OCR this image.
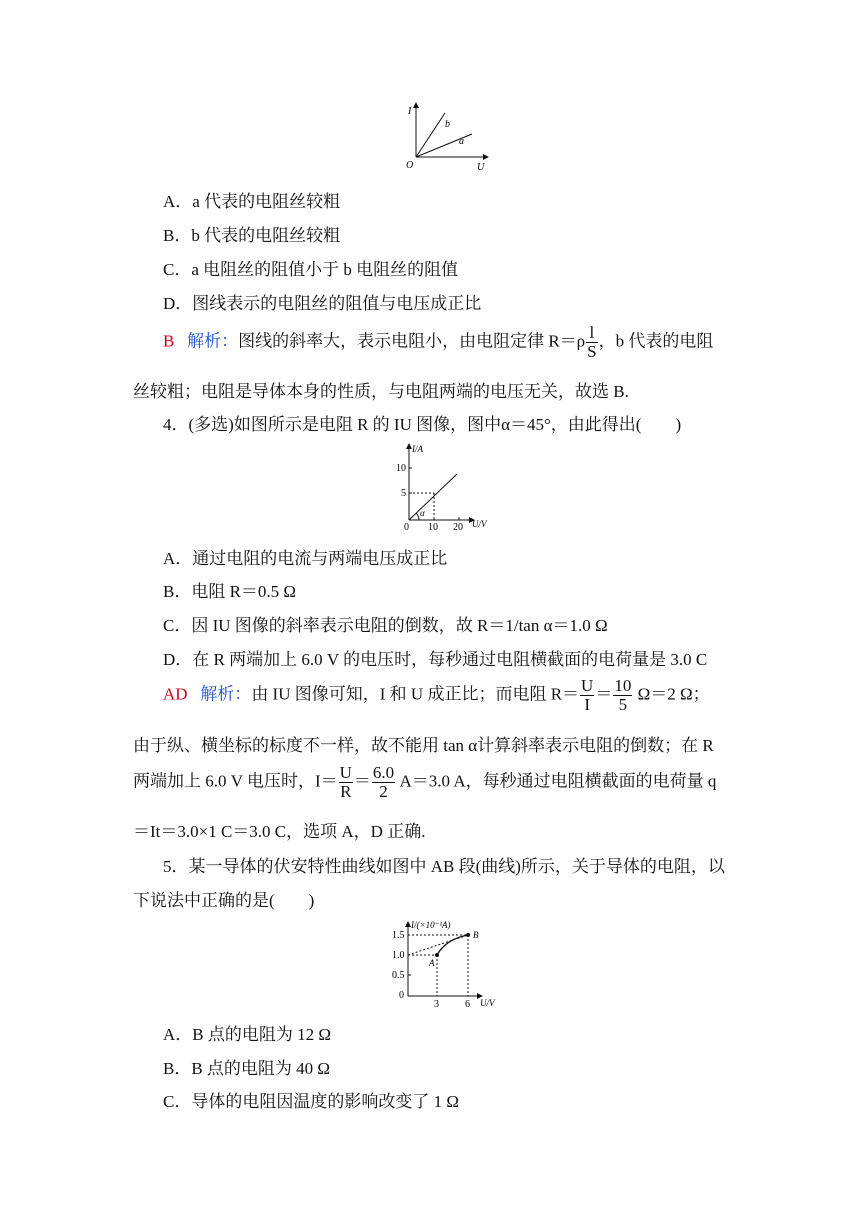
I
U
O
b
a
A．a 代表的电阻丝较粗
B．b 代表的电阻丝较粗
C．a 电阻丝的阻值小于 b 电阻丝的阻值
D．图线表示的电阻丝的阻值与电压成正比
B 解析：图线的斜率大，表示电阻小，由电阻定律 $R=\rho \frac{l}{S}$ ，b 代表的电阻
丝较粗；电阻是导体本身的性质，与电阻两端的电压无关，故选 B.
4．(多选)如图所示是电阻 R 的 IU 图像，图中α＝45°，由此得出(　　)
I/A
U/V
10
5
0 10 20
α
A．通过电阻的电流与两端电压成正比
B．电阻 R＝0.5 Ω
C．因 IU 图像的斜率表示电阻的倒数，故 R＝1/tan α＝1.0 Ω
D．在 R 两端加上 6.0 V 的电压时，每秒通过电阻横截面的电荷量是 3.0 C
AD 解析：由 IU 图像可知，I 和 U 成正比；而电阻 $R= \frac{U}{I} = \frac{10}{5} \Omega=2$ Ω；
由于纵、横坐标的标度不一样，故不能用 tan α计算斜率表示电阻的倒数；在 R
两端加上 6.0 V 电压时，$I= \frac{U}{R} = \frac{6.0}{2} A=3.0$ A，每秒通过电阻横截面的电荷量 q
＝It＝3.0×1 C＝3.0 C，选项 A，D 正确.
5．某一导体的伏安特性曲线如图中 AB 段(曲线)所示，关于导体的电阻，以
下说法中正确的是(　　)
I/(×10⁻¹A)
U/V
1.5
1.0
0.5
0
3	6
A
B
A．B 点的电阻为 12 Ω
B．B 点的电阻为 40 Ω
C．导体的电阻因温度的影响改变了 1 Ω
